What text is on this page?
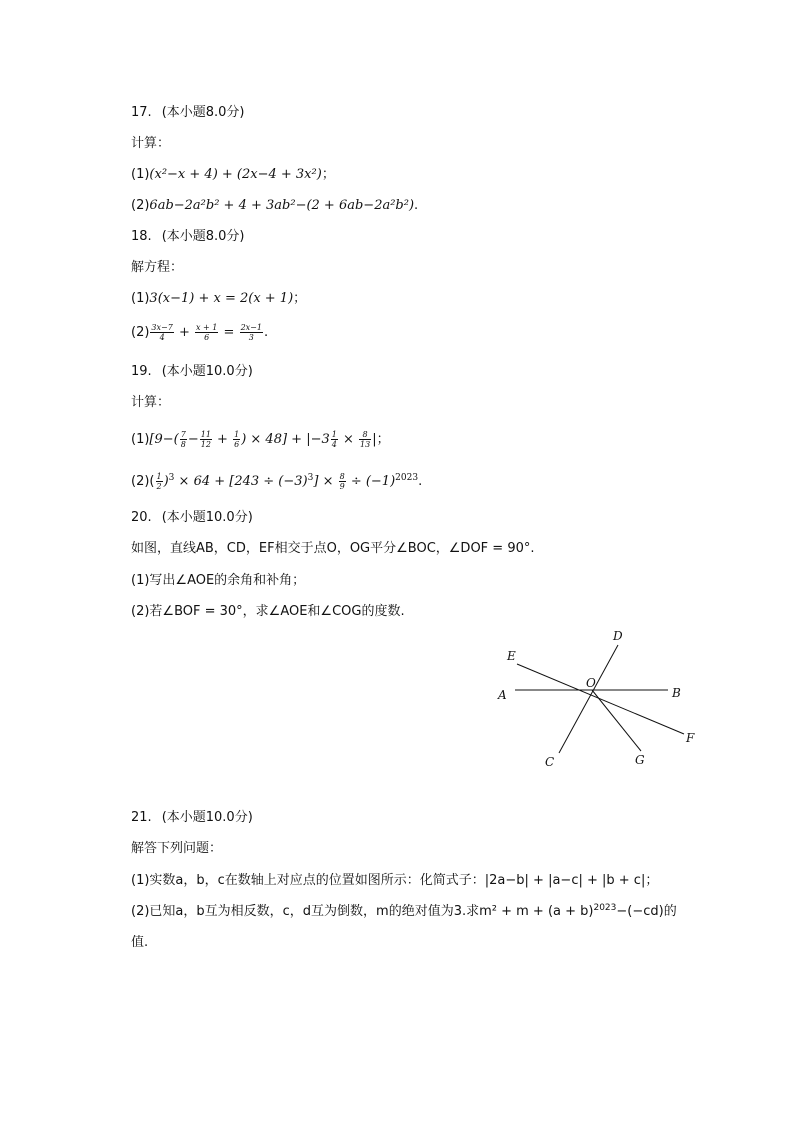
17. (本小题8.0分)
计算：
(1)(x²−x + 4) + (2x−4 + 3x²)；
(2)6ab−2a²b² + 4 + 3ab²−(2 + 6ab−2a²b²).
18. (本小题8.0分)
解方程：
(1)3(x−1) + x = 2(x + 1)；
$(2) \frac{3x-7}{4} + \frac{x + 1}{6} = \frac{2x-1}{3}$ .
19. (本小题10.0分)
计算：
$(1)[9-( \frac{7}{8} - \frac{11}{12} + \frac{1}{6}$ ) × $48] + |-3 \frac{1}{4} \times \frac{8}{13}$ |；
$(2)( \frac{1}{2} )^3 \times 64 + [243 \div (-3)^3] \times \frac{8}{9} \div (-1)^{2023}$.
20. (本小题10.0分)
如图，直线AB，CD，EF相交于点O，OG平分∠BOC，∠DOF = 90°.
(1)写出∠AOE的余角和补角；
(2)若∠BOF = 30°，求∠AOE和∠COG的度数.
A	B
C
D
E
F
G
O
21. (本小题10.0分)
解答下列问题：
(1)实数a，b，c在数轴上对应点的位置如图所示：化简式子：|2a−b| + |a−c| + |b + c|；
(2)已知a，b互为相反数，c，d互为倒数，m的绝对值为3.求$m^2 + m + (a + b)^{2023}-(-cd)$的
值.
